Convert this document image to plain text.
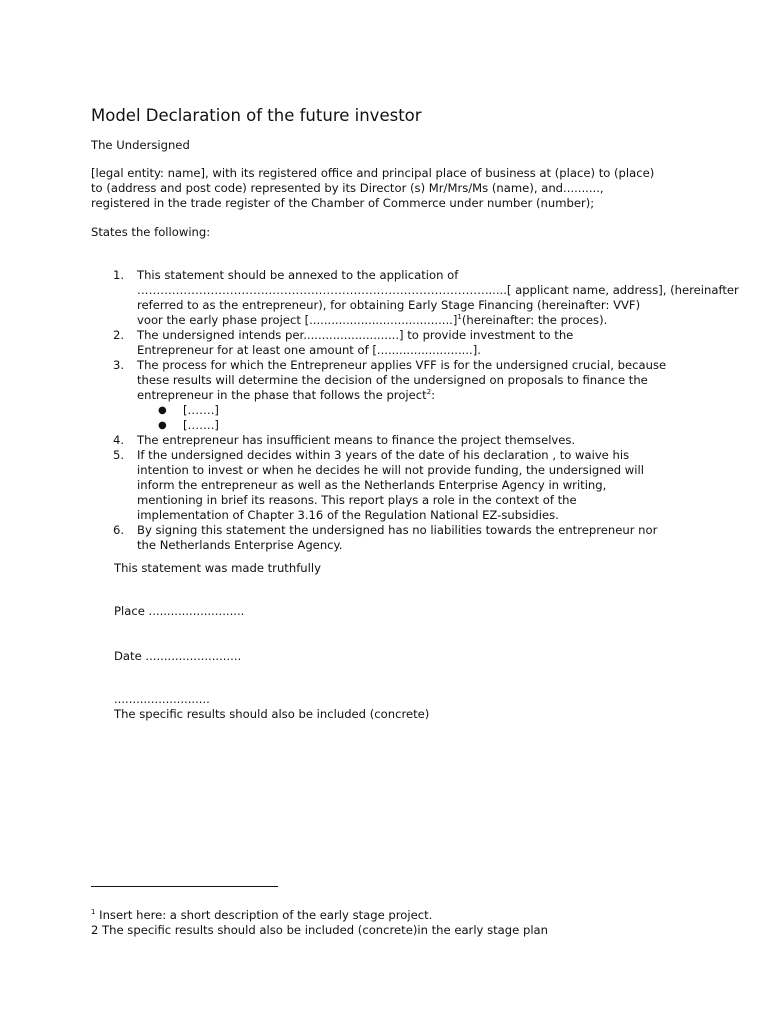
Model Declaration of the future investor

The Undersigned

[legal entity: name], with its registered office and principal place of business at (place) to (place)
to (address and post code) represented by its Director (s) Mr/Mrs/Ms (name), and..........,
registered in the trade register of the Chamber of Commerce under number (number);

States the following:

1. This statement should be annexed to the application of
………………………………………………………………………………......[ applicant name, address], (hereinafter
referred to as the entrepreneur), for obtaining Early Stage Financing (hereinafter: VVF)
voor the early phase project [.......................................]$^1$(hereinafter: the proces).
2. The undersigned intends per..........................] to provide investment to the
Entrepreneur for at least one amount of [..........................].
3. The process for which the Entrepreneur applies VFF is for the undersigned crucial, because
these results will determine the decision of the undersigned on proposals to finance the
entrepreneur in the phase that follows the project$^2$:
● […….]
● […….]
4. The entrepreneur has insufficient means to finance the project themselves.
5. If the undersigned decides within 3 years of the date of his declaration , to waive his
intention to invest or when he decides he will not provide funding, the undersigned will
inform the entrepreneur as well as the Netherlands Enterprise Agency in writing,
mentioning in brief its reasons. This report plays a role in the context of the
implementation of Chapter 3.16 of the Regulation National EZ-subsidies.
6. By signing this statement the undersigned has no liabilities towards the entrepreneur nor
the Netherlands Enterprise Agency.

This statement was made truthfully

Place ..........................

Date ..........................

..........................

The specific results should also be included (concrete)

$^1$ Insert here: a short description of the early stage project.

2 The specific results should also be included (concrete)in the early stage plan
